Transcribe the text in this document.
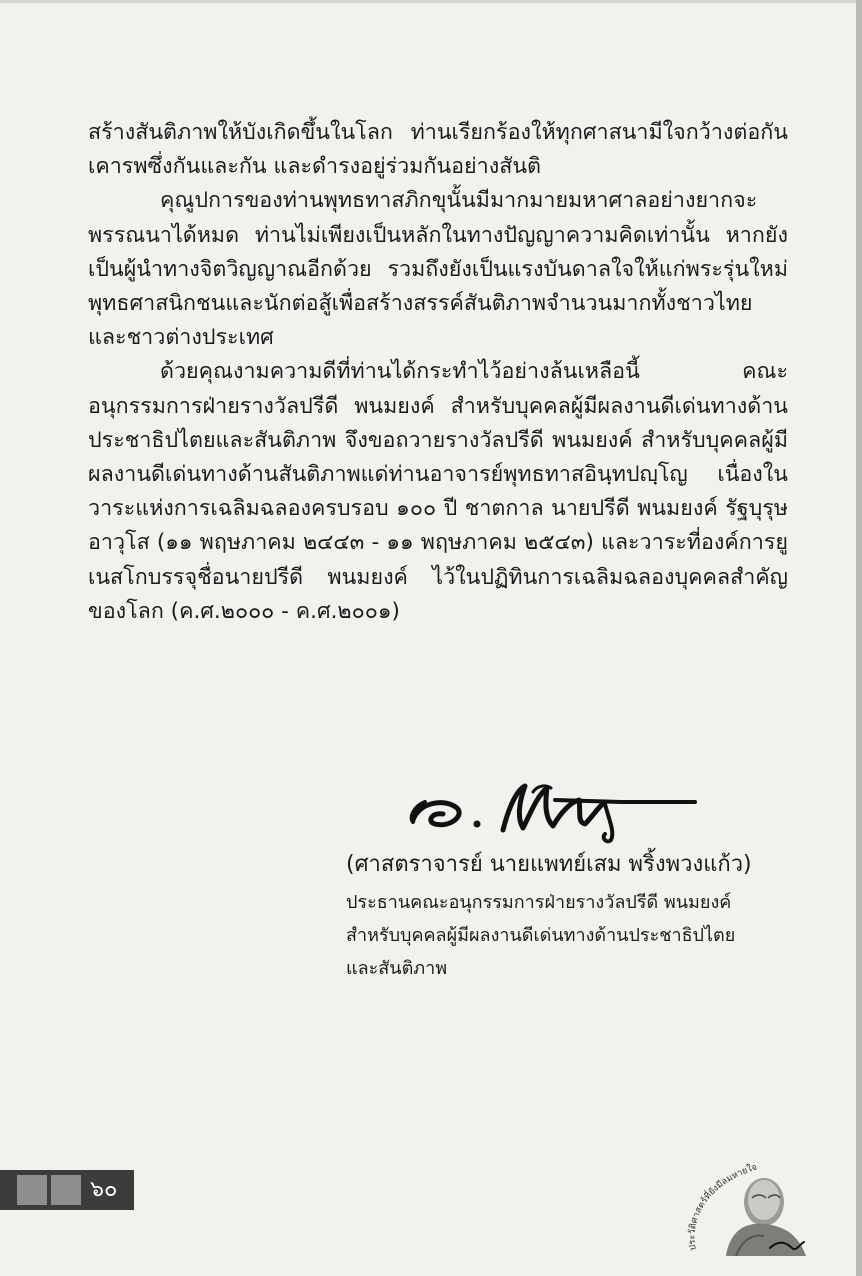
สร้างสันติภาพให้บังเกิดขึ้นในโลก ท่านเรียกร้องให้ทุกศาสนามีใจกว้างต่อกัน เคารพซึ่งกันและกัน และดำรงอยู่ร่วมกันอย่างสันติ

คุณูปการของท่านพุทธทาสภิกขุนั้นมีมากมายมหาศาลอย่างยากจะพรรณนาได้หมด ท่านไม่เพียงเป็นหลักในทางปัญญาความคิดเท่านั้น หากยังเป็นผู้นำทางจิตวิญญาณอีกด้วย รวมถึงยังเป็นแรงบันดาลใจให้แก่พระรุ่นใหม่ พุทธศาสนิกชนและนักต่อสู้เพื่อสร้างสรรค์สันติภาพจำนวนมากทั้งชาวไทยและชาวต่างประเทศ

ด้วยคุณงามความดีที่ท่านได้กระทำไว้อย่างล้นเหลือนี้ คณะอนุกรรมการฝ่ายรางวัลปรีดี พนมยงค์ สำหรับบุคคลผู้มีผลงานดีเด่นทางด้านประชาธิปไตยและสันติภาพ จึงขอถวายรางวัลปรีดี พนมยงค์ สำหรับบุคคลผู้มีผลงานดีเด่นทางด้านสันติภาพแด่ท่านอาจารย์พุทธทาสอินฺทปญฺโญ เนื่องในวาระแห่งการเฉลิมฉลองครบรอบ ๑๐๐ ปี ชาตกาล นายปรีดี พนมยงค์ รัฐบุรุษอาวุโส (๑๑ พฤษภาคม ๒๔๔๓ - ๑๑ พฤษภาคม ๒๕๔๓) และวาระที่องค์การยูเนสโกบรรจุชื่อนายปรีดี พนมยงค์ ไว้ในปฏิทินการเฉลิมฉลองบุคคลสำคัญของโลก (ค.ศ.๒๐๐๐ - ค.ศ.๒๐๐๑)

(ศาสตราจารย์ นายแพทย์เสม พริ้งพวงแก้ว)

ประธานคณะอนุกรรมการฝ่ายรางวัลปรีดี พนมยงค์
สำหรับบุคคลผู้มีผลงานดีเด่นทางด้านประชาธิปไตย
และสันติภาพ
๖๐
ประวัติศาสตร์ที่ยังมีลมหายใจ
